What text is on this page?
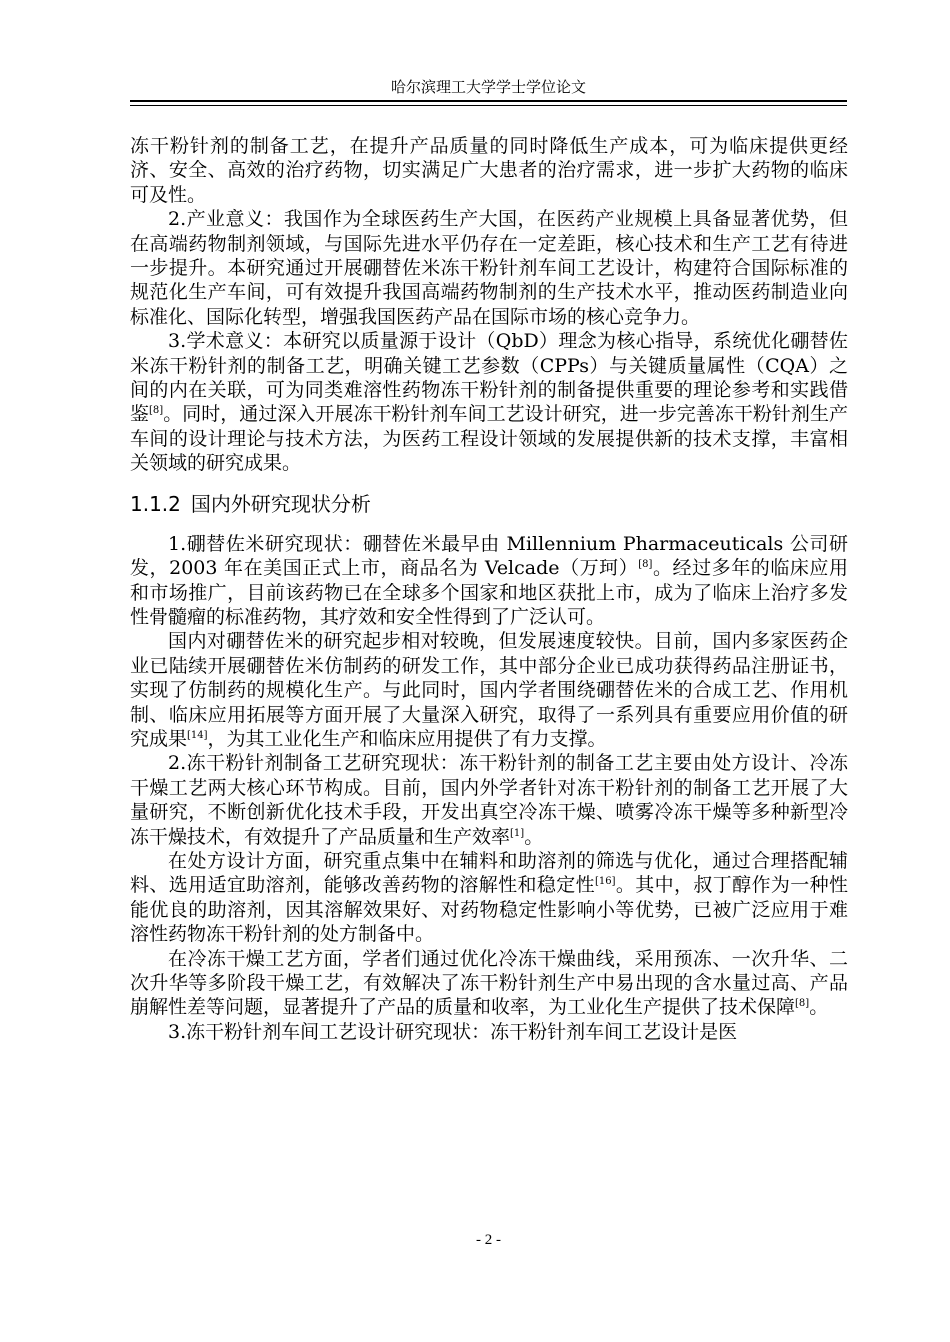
哈尔滨理工大学学士学位论文

冻干粉针剂的制备工艺，在提升产品质量的同时降低生产成本，可为临床提供更经济、安全、高效的治疗药物，切实满足广大患者的治疗需求，进一步扩大药物的临床可及性。

2.产业意义：我国作为全球医药生产大国，在医药产业规模上具备显著优势，但在高端药物制剂领域，与国际先进水平仍存在一定差距，核心技术和生产工艺有待进一步提升。本研究通过开展硼替佐米冻干粉针剂车间工艺设计，构建符合国际标准的规范化生产车间，可有效提升我国高端药物制剂的生产技术水平，推动医药制造业向标准化、国际化转型，增强我国医药产品在国际市场的核心竞争力。

3.学术意义：本研究以质量源于设计（QbD）理念为核心指导，系统优化硼替佐米冻干粉针剂的制备工艺，明确关键工艺参数（CPPs）与关键质量属性（CQA）之间的内在关联，可为同类难溶性药物冻干粉针剂的制备提供重要的理论参考和实践借鉴[8]。同时，通过深入开展冻干粉针剂车间工艺设计研究，进一步完善冻干粉针剂生产车间的设计理论与技术方法，为医药工程设计领域的发展提供新的技术支撑，丰富相关领域的研究成果。

1.1.2 国内外研究现状分析

1.硼替佐米研究现状：硼替佐米最早由 Millennium Pharmaceuticals 公司研发，2003 年在美国正式上市，商品名为 Velcade（万珂）[8]。经过多年的临床应用和市场推广，目前该药物已在全球多个国家和地区获批上市，成为了临床上治疗多发性骨髓瘤的标准药物，其疗效和安全性得到了广泛认可。

国内对硼替佐米的研究起步相对较晚，但发展速度较快。目前，国内多家医药企业已陆续开展硼替佐米仿制药的研发工作，其中部分企业已成功获得药品注册证书，实现了仿制药的规模化生产。与此同时，国内学者围绕硼替佐米的合成工艺、作用机制、临床应用拓展等方面开展了大量深入研究，取得了一系列具有重要应用价值的研究成果[14]，为其工业化生产和临床应用提供了有力支撑。

2.冻干粉针剂制备工艺研究现状：冻干粉针剂的制备工艺主要由处方设计、冷冻干燥工艺两大核心环节构成。目前，国内外学者针对冻干粉针剂的制备工艺开展了大量研究，不断创新优化技术手段，开发出真空冷冻干燥、喷雾冷冻干燥等多种新型冷冻干燥技术，有效提升了产品质量和生产效率[1]。

在处方设计方面，研究重点集中在辅料和助溶剂的筛选与优化，通过合理搭配辅料、选用适宜助溶剂，能够改善药物的溶解性和稳定性[16]。其中，叔丁醇作为一种性能优良的助溶剂，因其溶解效果好、对药物稳定性影响小等优势，已被广泛应用于难溶性药物冻干粉针剂的处方制备中。

在冷冻干燥工艺方面，学者们通过优化冷冻干燥曲线，采用预冻、一次升华、二次升华等多阶段干燥工艺，有效解决了冻干粉针剂生产中易出现的含水量过高、产品崩解性差等问题，显著提升了产品的质量和收率，为工业化生产提供了技术保障[8]。

3.冻干粉针剂车间工艺设计研究现状：冻干粉针剂车间工艺设计是医

- 2 -
